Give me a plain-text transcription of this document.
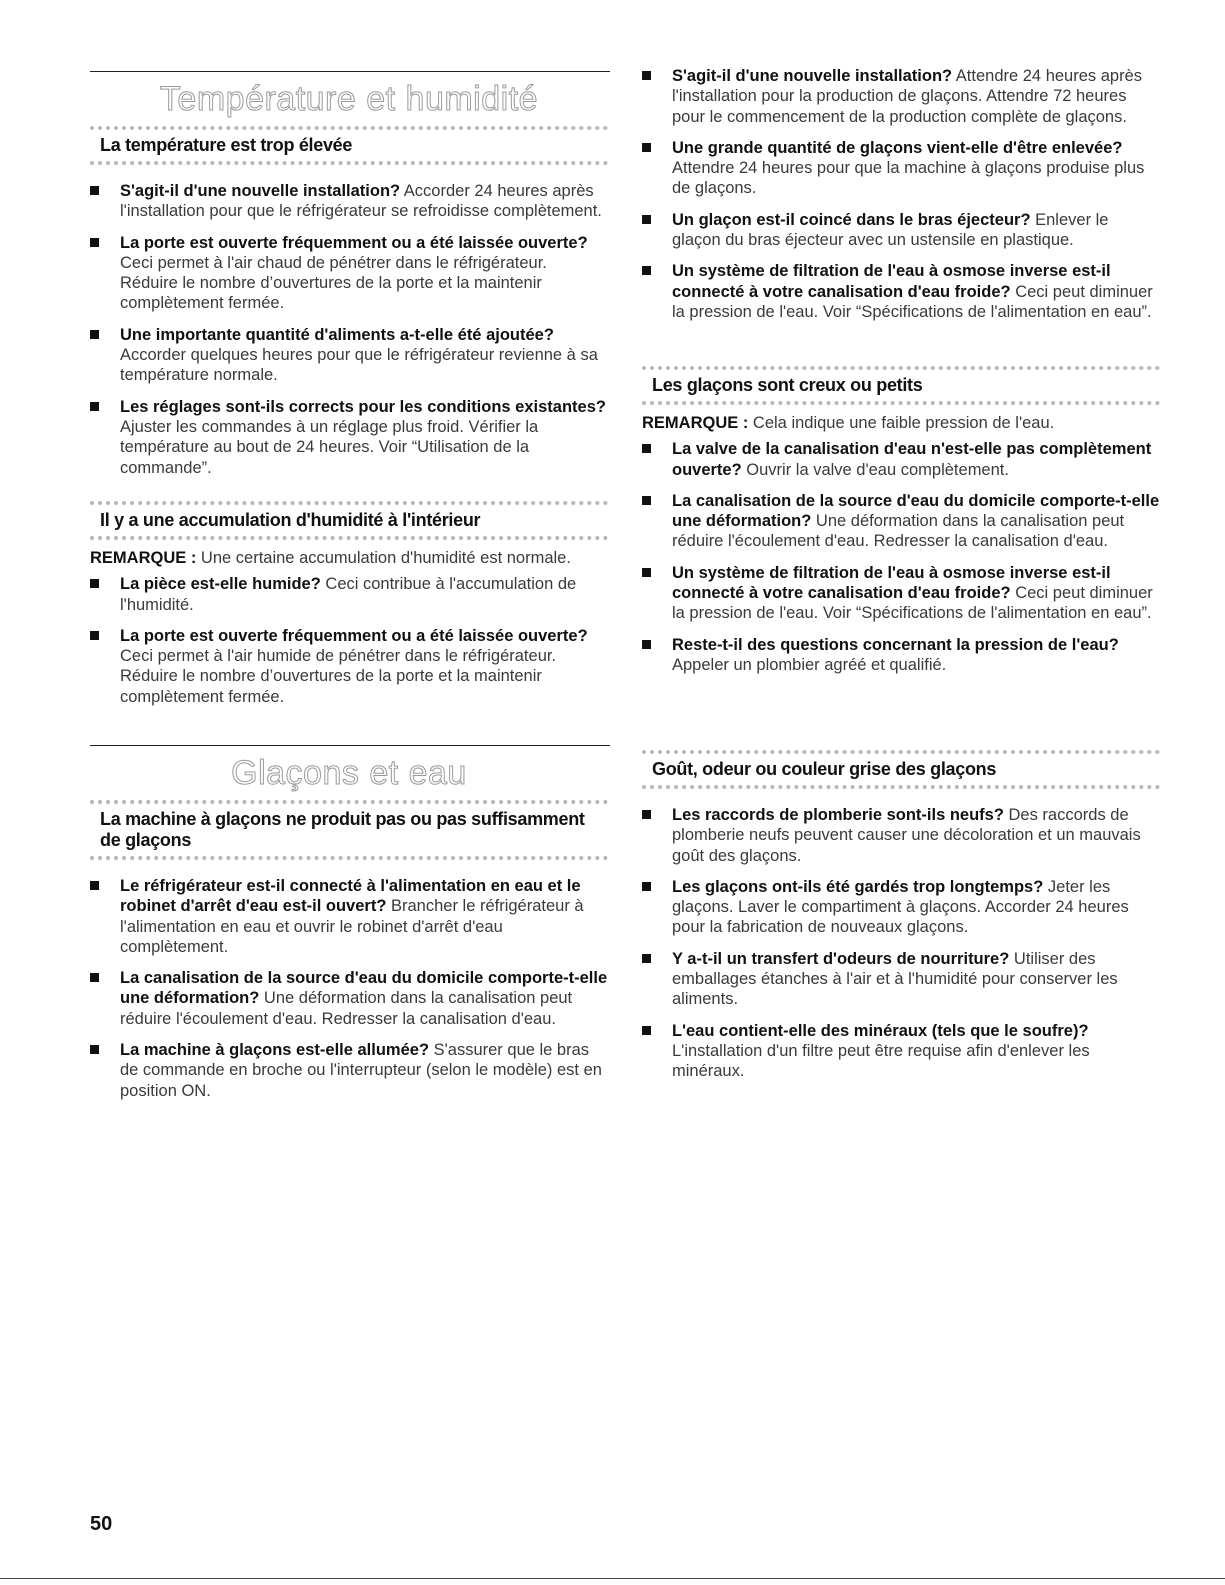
Température et humidité
La température est trop élevée
S'agit-il d'une nouvelle installation? Accorder 24 heures après l'installation pour que le réfrigérateur se refroidisse complètement.
La porte est ouverte fréquemment ou a été laissée ouverte? Ceci permet à l'air chaud de pénétrer dans le réfrigérateur. Réduire le nombre d’ouvertures de la porte et la maintenir complètement fermée.
Une importante quantité d'aliments a-t-elle été ajoutée? Accorder quelques heures pour que le réfrigérateur revienne à sa température normale.
Les réglages sont-ils corrects pour les conditions existantes? Ajuster les commandes à un réglage plus froid. Vérifier la température au bout de 24 heures. Voir “Utilisation de la commande”.
Il y a une accumulation d'humidité à l'intérieur
REMARQUE : Une certaine accumulation d'humidité est normale.
La pièce est-elle humide? Ceci contribue à l'accumulation de l'humidité.
La porte est ouverte fréquemment ou a été laissée ouverte? Ceci permet à l'air humide de pénétrer dans le réfrigérateur. Réduire le nombre d’ouvertures de la porte et la maintenir complètement fermée.
Glaçons et eau
La machine à glaçons ne produit pas ou pas suffisamment de glaçons
Le réfrigérateur est-il connecté à l'alimentation en eau et le robinet d'arrêt d'eau est-il ouvert? Brancher le réfrigérateur à l'alimentation en eau et ouvrir le robinet d'arrêt d'eau complètement.
La canalisation de la source d'eau du domicile comporte-t-elle une déformation? Une déformation dans la canalisation peut réduire l'écoulement d'eau. Redresser la canalisation d'eau.
La machine à glaçons est-elle allumée? S'assurer que le bras de commande en broche ou l'interrupteur (selon le modèle) est en position ON.
S'agit-il d'une nouvelle installation? Attendre 24 heures après l'installation pour la production de glaçons. Attendre 72 heures pour le commencement de la production complète de glaçons.
Une grande quantité de glaçons vient-elle d'être enlevée? Attendre 24 heures pour que la machine à glaçons produise plus de glaçons.
Un glaçon est-il coincé dans le bras éjecteur? Enlever le glaçon du bras éjecteur avec un ustensile en plastique.
Un système de filtration de l'eau à osmose inverse est-il connecté à votre canalisation d'eau froide? Ceci peut diminuer la pression de l'eau. Voir “Spécifications de l'alimentation en eau”.
Les glaçons sont creux ou petits
REMARQUE : Cela indique une faible pression de l'eau.
La valve de la canalisation d'eau n'est-elle pas complètement ouverte? Ouvrir la valve d'eau complètement.
La canalisation de la source d'eau du domicile comporte-t-elle une déformation? Une déformation dans la canalisation peut réduire l'écoulement d'eau. Redresser la canalisation d'eau.
Un système de filtration de l'eau à osmose inverse est-il connecté à votre canalisation d'eau froide? Ceci peut diminuer la pression de l'eau. Voir “Spécifications de l'alimentation en eau”.
Reste-t-il des questions concernant la pression de l'eau? Appeler un plombier agréé et qualifié.
Goût, odeur ou couleur grise des glaçons
Les raccords de plomberie sont-ils neufs? Des raccords de plomberie neufs peuvent causer une décoloration et un mauvais goût des glaçons.
Les glaçons ont-ils été gardés trop longtemps? Jeter les glaçons. Laver le compartiment à glaçons. Accorder 24 heures pour la fabrication de nouveaux glaçons.
Y a-t-il un transfert d'odeurs de nourriture? Utiliser des emballages étanches à l'air et à l'humidité pour conserver les aliments.
L'eau contient-elle des minéraux (tels que le soufre)? L'installation d'un filtre peut être requise afin d'enlever les minéraux.
50
